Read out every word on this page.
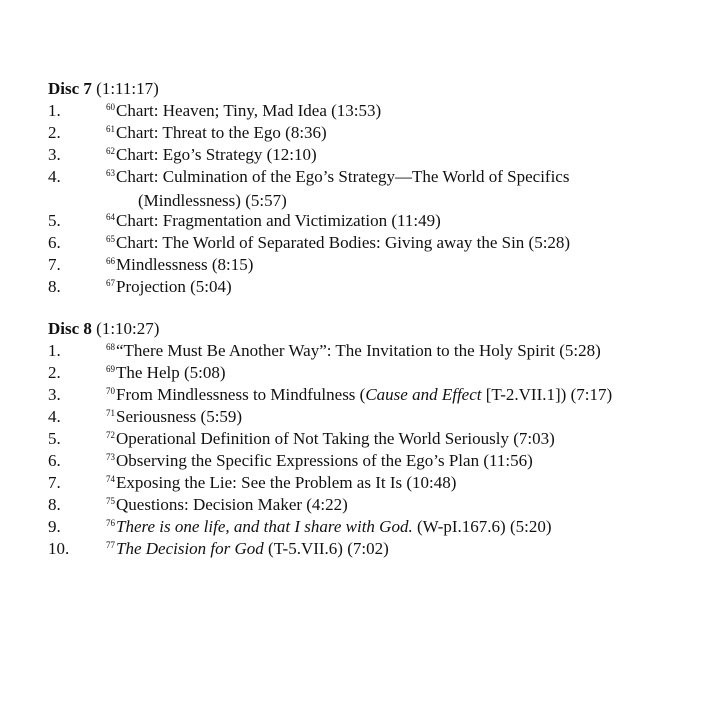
Disc 7 (1:11:17)
1.	$^{60}$Chart: Heaven; Tiny, Mad Idea (13:53)
2.	$^{61}$Chart: Threat to the Ego (8:36)
3.	$^{62}$Chart: Ego’s Strategy (12:10)
4.	$^{63}$Chart: Culmination of the Ego’s Strategy—The World of Specifics
(Mindlessness) (5:57)
5.	$^{64}$Chart: Fragmentation and Victimization (11:49)
6.	$^{65}$Chart: The World of Separated Bodies: Giving away the Sin (5:28)
7.	$^{66}$Mindlessness (8:15)
8.	$^{67}$Projection (5:04)
Disc 8 (1:10:27)
1.	$^{68}$“There Must Be Another Way”: The Invitation to the Holy Spirit (5:28)
2.	$^{69}$The Help (5:08)
3.	$^{70}$From Mindlessness to Mindfulness (Cause and Effect [T-2.VII.1]) (7:17)
4.	$^{71}$Seriousness (5:59)
5.	$^{72}$Operational Definition of Not Taking the World Seriously (7:03)
6.	$^{73}$Observing the Specific Expressions of the Ego’s Plan (11:56)
7.	$^{74}$Exposing the Lie: See the Problem as It Is (10:48)
8.	$^{75}$Questions: Decision Maker (4:22)
9.	$^{76}$There is one life, and that I share with God. (W-pI.167.6) (5:20)
10.	$^{77}$The Decision for God (T-5.VII.6) (7:02)
